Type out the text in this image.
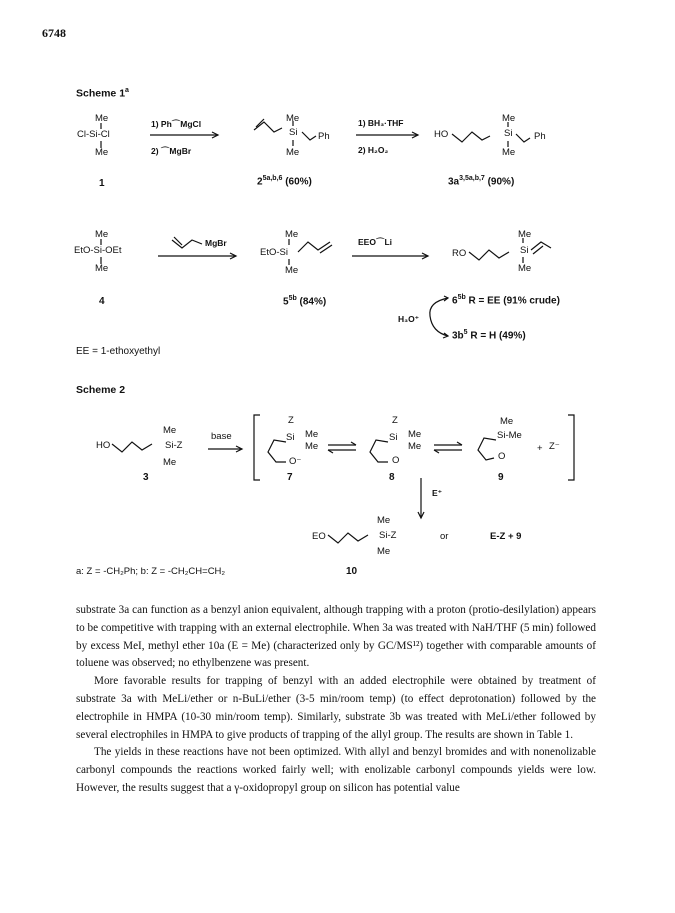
6748
Scheme 1$^a$
Me
Cl-Si-Cl
Me
1
1) Ph⌒MgCl
2) ⌒MgBr
Me
Si Ph
Me
$2^{5a,b,6}$ (60%)
1) BH₃·THF
2) H₂O₂
HO
Me
Si Ph
Me
$3a^{3,5a,b,7}$ (90%)
Me
EtO-Si-OEt
Me
4
MgBr
Me
EtO-Si
Me
$5^{5b}$ (84%)
EEO⌒Li
RO
Me
Si
Me
H₃O⁺
$6^{5b}$ R = EE (91% crude)
$3b^5$ R = H (49%)
EE = 1-ethoxyethyl
Scheme 2
HO
Me
Si-Z
Me
3
base
Z
Si Me
Me
O⁻
7
Z
Si Me
Me
O
8
Me
Si-Me
O
+ Z⁻
9
E⁺
EO
Me
Si-Z
Me
10
or	E-Z + 9
a: Z = -CH₂Ph; b: Z = -CH₂CH=CH₂

substrate 3a can function as a benzyl anion equivalent, although trapping with a proton (protio-desilylation) appears to be competitive with trapping with an external electrophile. When 3a was treated with NaH/THF (5 min) followed by excess MeI, methyl ether 10a (E = Me) (characterized only by GC/MS¹²) together with comparable amounts of toluene was observed; no ethylbenzene was present.

More favorable results for trapping of benzyl with an added electrophile were obtained by treatment of substrate 3a with MeLi/ether or n-BuLi/ether (3-5 min/room temp) (to effect deprotonation) followed by the electrophile in HMPA (10-30 min/room temp). Similarly, substrate 3b was treated with MeLi/ether followed by several electrophiles in HMPA to give products of trapping of the allyl group. The results are shown in Table 1.

The yields in these reactions have not been optimized. With allyl and benzyl bromides and with nonenolizable carbonyl compounds the reactions worked fairly well; with enolizable carbonyl compounds yields were low. However, the results suggest that a γ-oxidopropyl group on silicon has potential value
